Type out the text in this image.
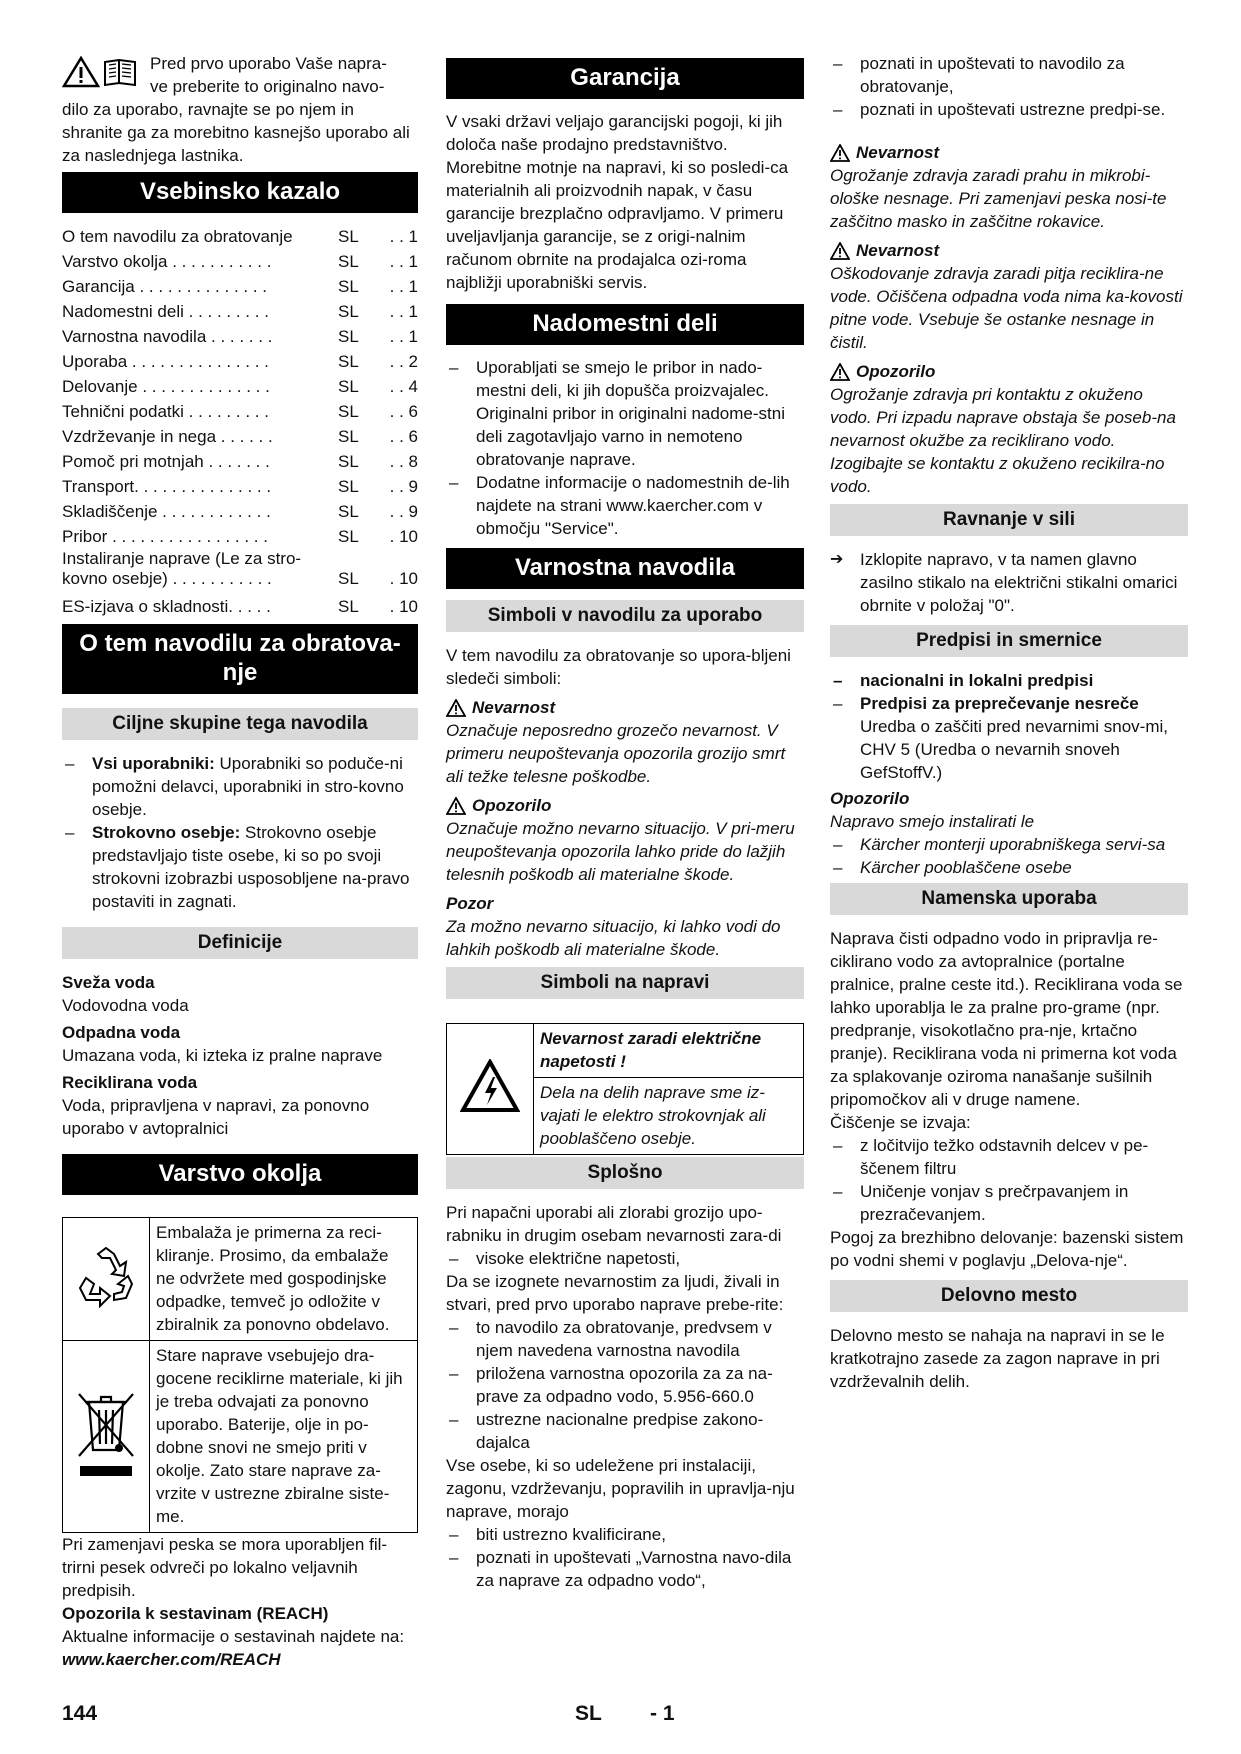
Pred prvo uporabo Vaše napra-

ve preberite to originalno navo-

dilo za uporabo, ravnajte se po njem in shranite ga za morebitno kasnejšo uporabo ali za naslednjega lastnika.

Vsebinsko kazalo
O tem navodilu za obratovanje	SL	. . 1
Varstvo okolja . . . . . . . . . . .	SL	. . 1
Garancija . . . . . . . . . . . . . .	SL	. . 1
Nadomestni deli . . . . . . . . .	SL	. . 1
Varnostna navodila . . . . . . .	SL	. . 1
Uporaba . . . . . . . . . . . . . . .	SL	. . 2
Delovanje . . . . . . . . . . . . . .	SL	. . 4
Tehnični podatki . . . . . . . . .	SL	. . 6
Vzdrževanje in nega . . . . . .	SL	. . 6
Pomoč pri motnjah . . . . . . .	SL	. . 8
Transport. . . . . . . . . . . . . . .	SL	. . 9
Skladiščenje . . . . . . . . . . . .	SL	. . 9
Pribor . . . . . . . . . . . . . . . . .	SL	. 10
Instaliranje naprave (Le za stro-		
kovno osebje) . . . . . . . . . . .	SL	. 10
ES-izjava o skladnosti. . . . .	SL	. 10
O tem navodilu za obratova-
nje
Ciljne skupine tega navodila
– Vsi uporabniki: Uporabniki so poduče-ni pomožni delavci, uporabniki in stro-kovno osebje.
– Strokovno osebje: Strokovno osebje predstavljajo tiste osebe, ki so po svoji strokovni izobrazbi usposobljene na-pravo postaviti in zagnati.
Definicije

Sveža voda

Vodovodna voda

Odpadna voda

Umazana voda, ki izteka iz pralne naprave

Reciklirana voda

Voda, pripravljena v napravi, za ponovno uporabo v avtopralnici

Varstvo okolja
	Embalaža je primerna za reci-kliranje. Prosimo, da embalaže ne odvržete med gospodinjske odpadke, temveč jo odložite v zbiralnik za ponovno obdelavo.
	Stare naprave vsebujejo dra-gocene reciklirne materiale, ki jih je treba odvajati za ponovno uporabo. Baterije, olje in po-dobne snovi ne smejo priti v okolje. Zato stare naprave za-vrzite v ustrezne zbiralne siste-me.

Pri zamenjavi peska se mora uporabljen fil-trirni pesek odvreči po lokalno veljavnih predpisih.

Opozorila k sestavinam (REACH)

Aktualne informacije o sestavinah najdete na:

www.kaercher.com/REACH

Garancija

V vsaki državi veljajo garancijski pogoji, ki jih določa naše prodajno predstavništvo. Morebitne motnje na napravi, ki so posledi-ca materialnih ali proizvodnih napak, v času garancije brezplačno odpravljamo. V primeru uveljavljanja garancije, se z origi-nalnim računom obrnite na prodajalca ozi-roma najbližji uporabniški servis.

Nadomestni deli
– Uporabljati se smejo le pribor in nado-mestni deli, ki jih dopušča proizvajalec. Originalni pribor in originalni nadome-stni deli zagotavljajo varno in nemoteno obratovanje naprave.
– Dodatne informacije o nadomestnih de-lih najdete na strani www.kaercher.com v območju "Service".
Varnostna navodila
Simboli v navodilu za uporabo

V tem navodilu za obratovanje so upora-bljeni sledeči simboli:

Nevarnost

Označuje neposredno grozečo nevarnost. V primeru neupoštevanja opozorila grozijo smrt ali težke telesne poškodbe.

Opozorilo

Označuje možno nevarno situacijo. V pri-meru neupoštevanja opozorila lahko pride do lažjih telesnih poškodb ali materialne škode.

Pozor

Za možno nevarno situacijo, ki lahko vodi do lahkih poškodb ali materialne škode.

Simboli na napravi
	Nevarnost zaradi električne napetosti !
Dela na delih naprave sme iz-vajati le elektro strokovnjak ali pooblaščeno osebje.
Splošno

Pri napačni uporabi ali zlorabi grozijo upo-rabniku in drugim osebam nevarnosti zara-di

– visoke električne napetosti,

Da se izognete nevarnostim za ljudi, živali in stvari, pred prvo uporabo naprave prebe-rite:

– to navodilo za obratovanje, predvsem v njem navedena varnostna navodila
– priložena varnostna opozorila za za na-prave za odpadno vodo, 5.956-660.0
– ustrezne nacionalne predpise zakono-dajalca

Vse osebe, ki so udeležene pri instalaciji, zagonu, vzdrževanju, popravilih in upravlja-nju naprave, morajo

– biti ustrezno kvalificirane,
– poznati in upoštevati „Varnostna navo-dila za naprave za odpadno vodo“,
– poznati in upoštevati to navodilo za obratovanje,
– poznati in upoštevati ustrezne predpi-se.

Nevarnost

Ogrožanje zdravja zaradi prahu in mikrobi-ološke nesnage. Pri zamenjavi peska nosi-te zaščitno masko in zaščitne rokavice.

Nevarnost

Oškodovanje zdravja zaradi pitja reciklira-ne vode. Očiščena odpadna voda nima ka-kovosti pitne vode. Vsebuje še ostanke nesnage in čistil.

Opozorilo

Ogrožanje zdravja pri kontaktu z okuženo vodo. Pri izpadu naprave obstaja še poseb-na nevarnost okužbe za reciklirano vodo. Izogibajte se kontaktu z okuženo recikilra-no vodo.

Ravnanje v sili
➔ Izklopite napravo, v ta namen glavno zasilno stikalo na električni stikalni omarici obrnite v položaj "0".
Predpisi in smernice
– nacionalni in lokalni predpisi
– Predpisi za preprečevanje nesreče
Uredba o zaščiti pred nevarnimi snov-mi, CHV 5 (Uredba o nevarnih snoveh GefStoffV.)

Opozorilo

Napravo smejo instalirati le

– Kärcher monterji uporabniškega servi-sa
– Kärcher pooblaščene osebe
Namenska uporaba

Naprava čisti odpadno vodo in pripravlja re-ciklirano vodo za avtopralnice (portalne pralnice, pralne ceste itd.). Reciklirana voda se lahko uporablja le za pralne pro-grame (npr. predpranje, visokotlačno pra-nje, krtačno pranje). Reciklirana voda ni primerna kot voda za splakovanje oziroma nanašanje sušilnih pripomočkov ali v druge namene.

Čiščenje se izvaja:

– z ločitvijo težko odstavnih delcev v pe-ščenem filtru
– Uničenje vonjav s prečrpavanjem in prezračevanjem.

Pogoj za brezhibno delovanje: bazenski sistem po vodni shemi v poglavju „Delova-nje“.

Delovno mesto

Delovno mesto se nahaja na napravi in se le kratkotrajno zasede za zagon naprave in pri vzdrževalnih delih.

144	SL - 1
